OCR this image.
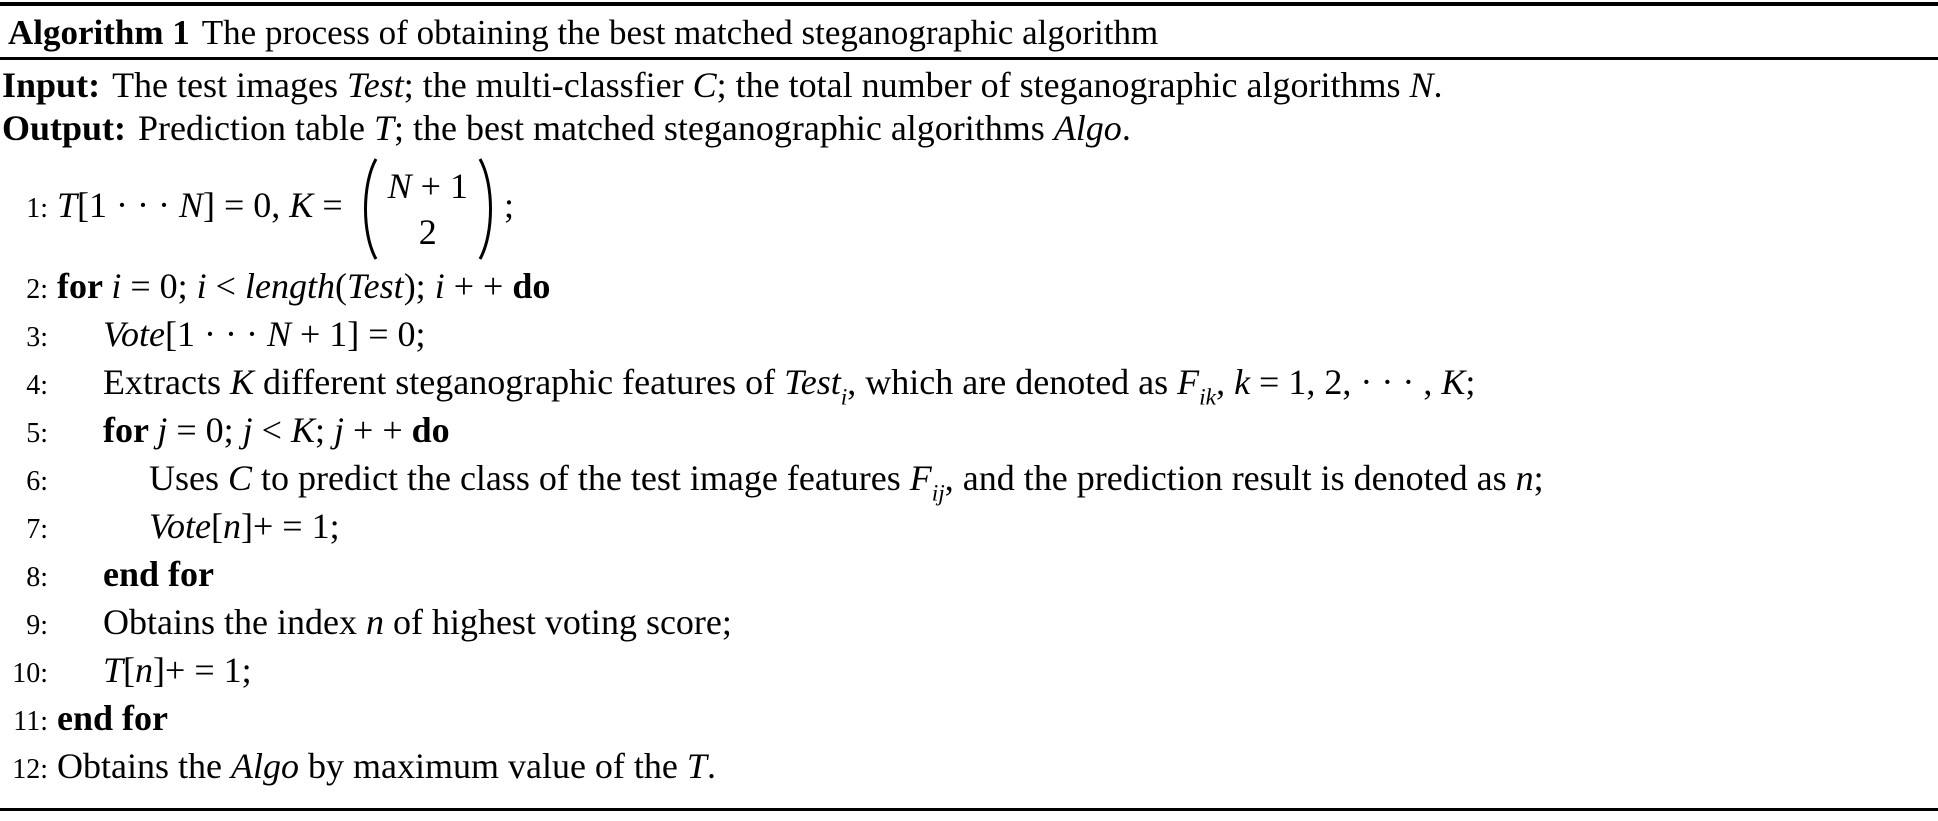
Algorithm 1 The process of obtaining the best matched steganographic algorithm
Input: The test images Test; the multi-classfier C; the total number of steganographic algorithms N.
Output: Prediction table T; the best matched steganographic algorithms Algo.
1: T[1 · · · N] = 0, K = N + 1
2
;
2: for i = 0; i < length(Test); i + + do
3: Vote[1 · · · N + 1] = 0;
4: Extracts K different steganographic features of Test$_i$, which are denoted as $F_{ik}$, k = 1, 2, · · · , K;
5: for j = 0; j < K; j + + do
6:	Uses C to predict the class of the test image features $F_{ij}$, and the prediction result is denoted as n;
7:	Vote[n]+ = 1;
8: end for
9: Obtains the index n of highest voting score;
10: T[n]+ = 1;
11: end for
12: Obtains the Algo by maximum value of the T.
